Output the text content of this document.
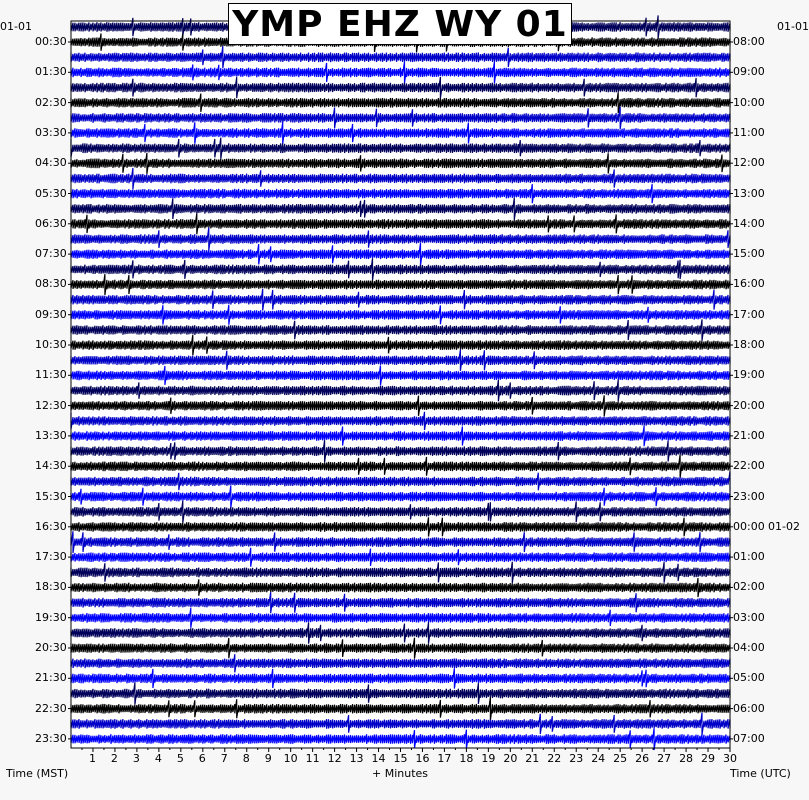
YMP EHZ WY 01
01-01	01-01
00:30
01:30
02:30
03:30
04:30
05:30
06:30
07:30
08:30
09:30
10:30
11:30
12:30
13:30
14:30
15:30
16:30
17:30
18:30
19:30
20:30
21:30
22:30
23:30
08:00
09:00
10:00
11:00
12:00
13:00
14:00
15:00
16:00
17:00
18:00
19:00
20:00
21:00
22:00
23:00
00:00 01-02
01:00
02:00
03:00
04:00
05:00
06:00
07:00
1 2 3 4 5 6 7 8 9 10 11 12 13 14 15 16 17 18 19 20 21 22 23 24 25 26 27 28 29 30
Time (MST)	+ Minutes	Time (UTC)
